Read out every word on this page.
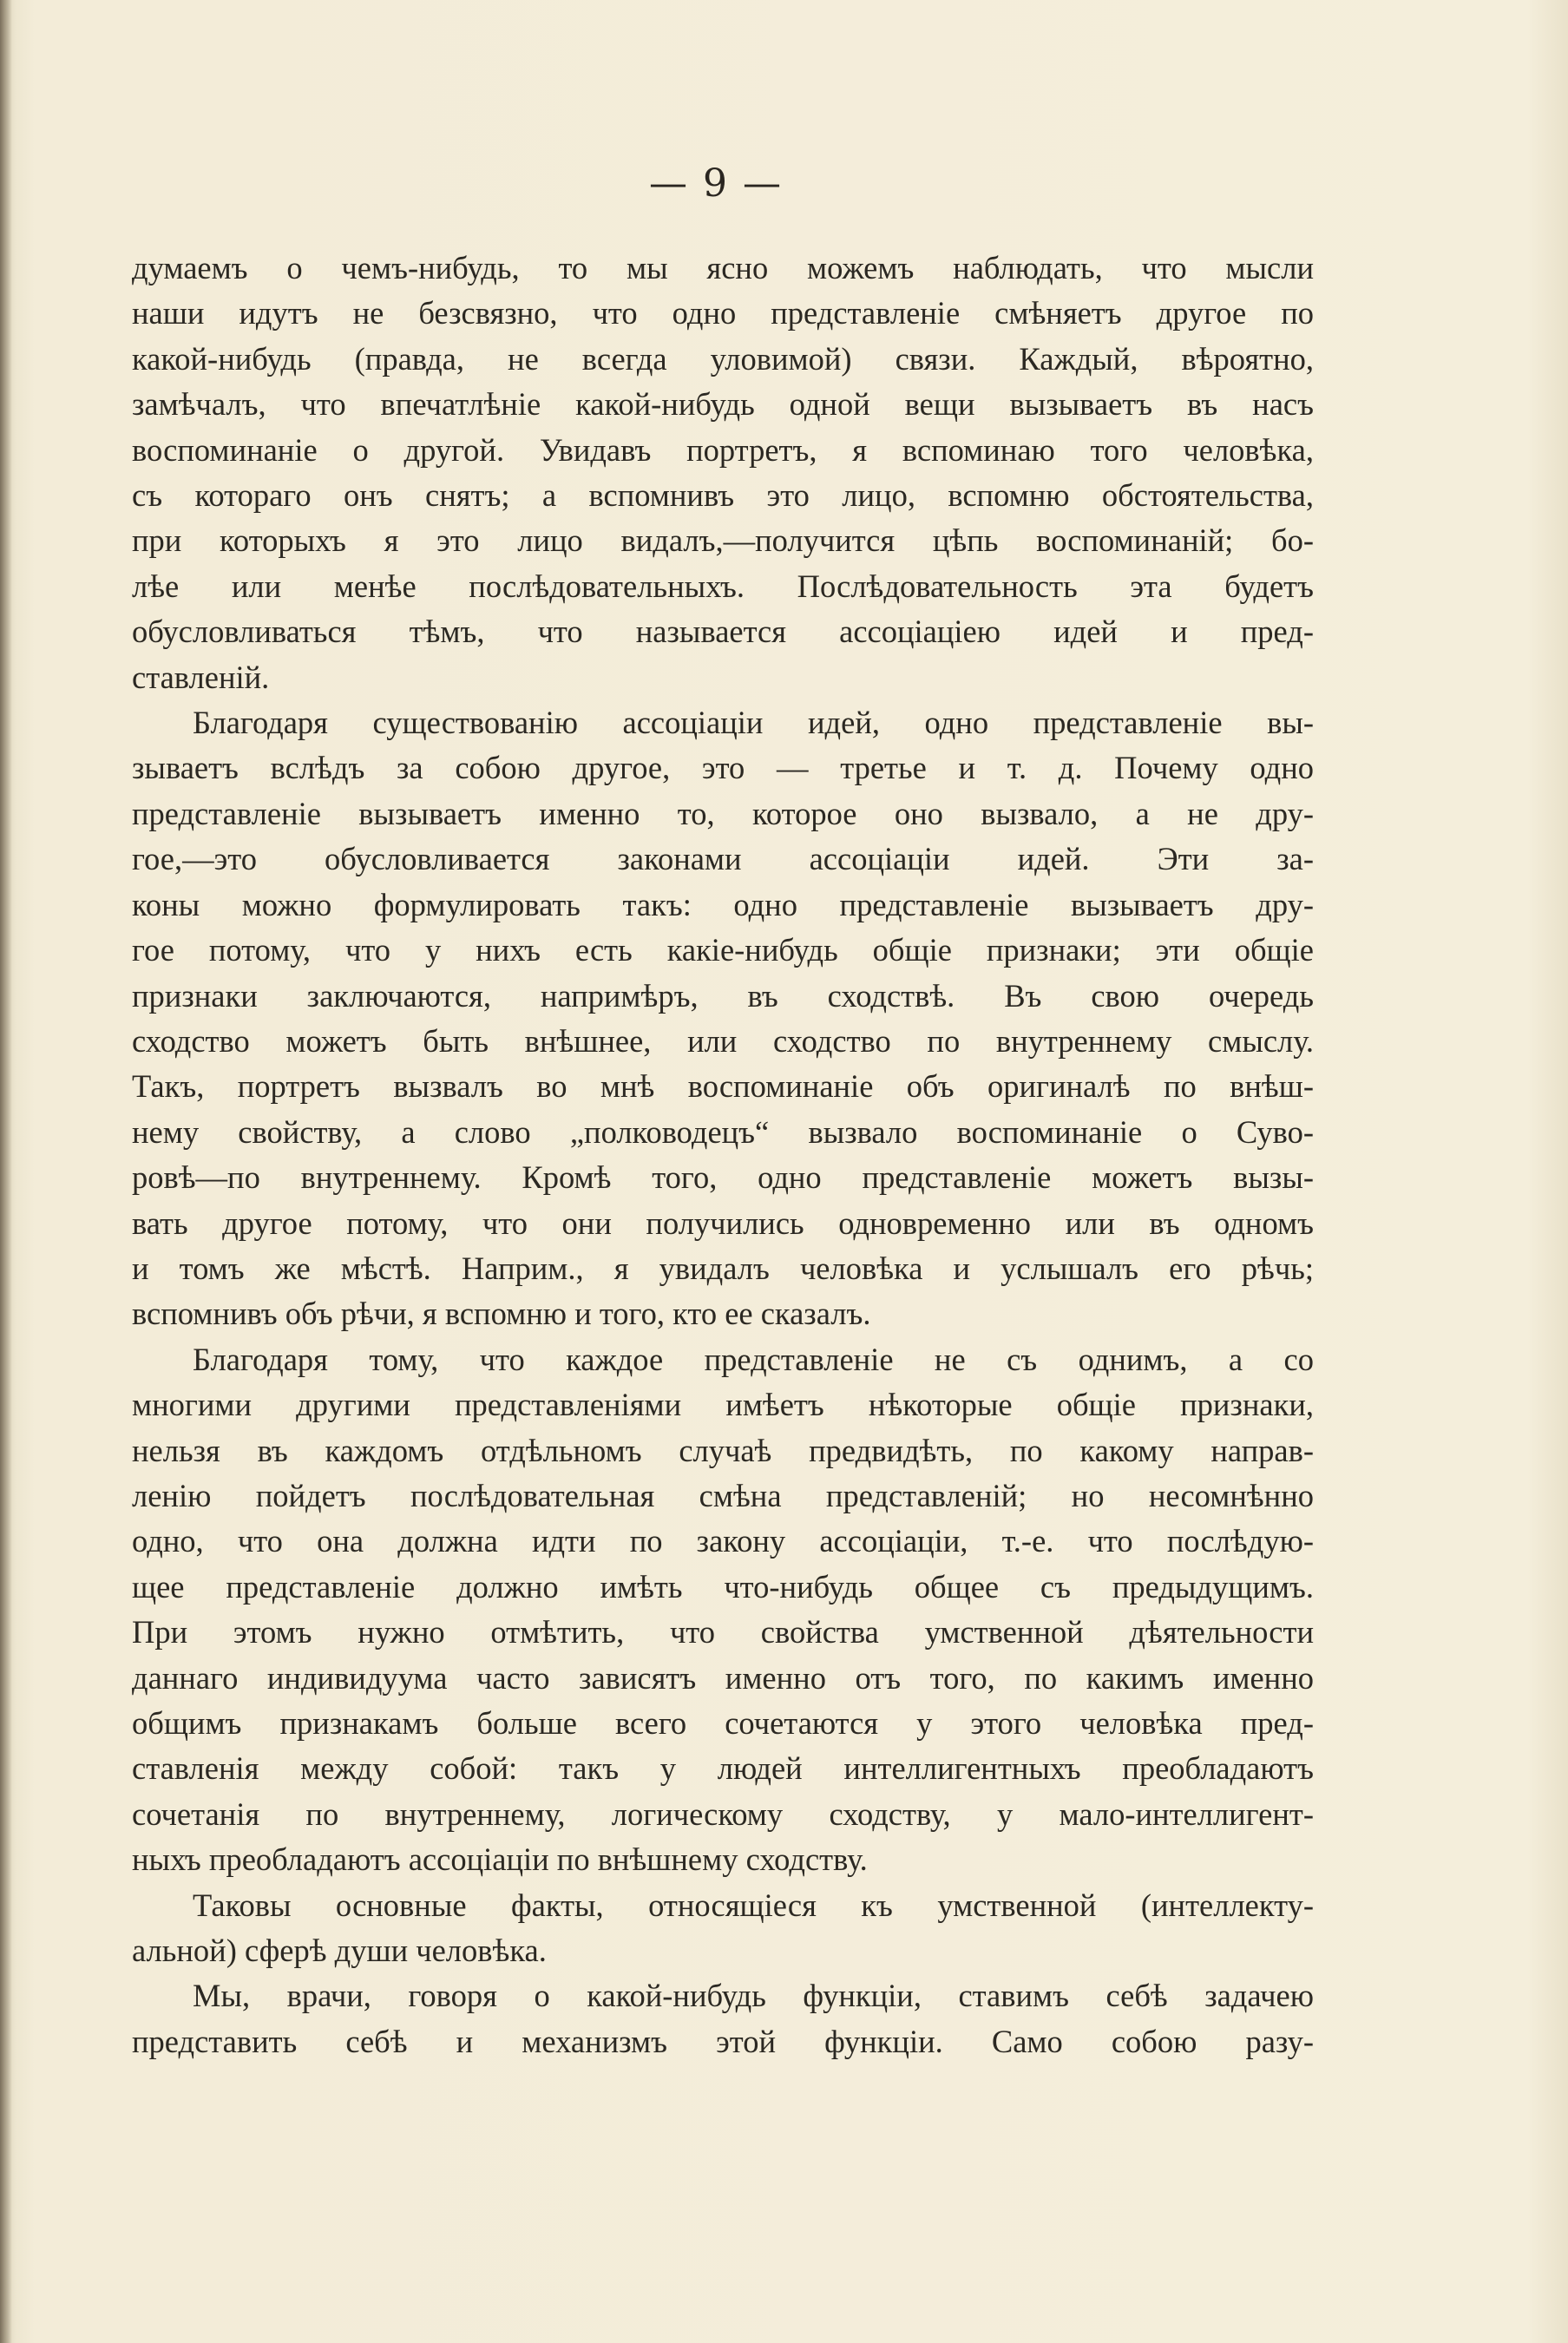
— 9 —
думаемъ о чемъ-нибудь, то мы ясно можемъ наблюдать, что мысли
наши идутъ не безсвязно, что одно представленіе смѣняетъ другое по
какой-нибудь (правда, не всегда уловимой) связи. Каждый, вѣроятно,
замѣчалъ, что впечатлѣніе какой-нибудь одной вещи вызываетъ въ насъ
воспоминаніе о другой. Увидавъ портретъ, я вспоминаю того человѣка,
съ котораго онъ снятъ; а вспомнивъ это лицо, вспомню обстоятельства,
при которыхъ я это лицо видалъ,—получится цѣпь воспоминаній; бо-
лѣе или менѣе послѣдовательныхъ. Послѣдовательность эта будетъ
обусловливаться тѣмъ, что называется ассоціаціею идей и пред-
ставленій.
Благодаря существованію ассоціаціи идей, одно представленіе вы-
зываетъ вслѣдъ за собою другое, это — третье и т. д. Почему одно
представленіе вызываетъ именно то, которое оно вызвало, а не дру-
гое,—это обусловливается законами ассоціаціи идей. Эти за-
коны можно формулировать такъ: одно представленіе вызываетъ дру-
гое потому, что у нихъ есть какіе-нибудь общіе признаки; эти общіе
признаки заключаются, напримѣръ, въ сходствѣ. Въ свою очередь
сходство можетъ быть внѣшнее, или сходство по внутреннему смыслу.
Такъ, портретъ вызвалъ во мнѣ воспоминаніе объ оригиналѣ по внѣш-
нему свойству, а слово „полководецъ“ вызвало воспоминаніе о Суво-
ровѣ—по внутреннему. Кромѣ того, одно представленіе можетъ вызы-
вать другое потому, что они получились одновременно или въ одномъ
и томъ же мѣстѣ. Наприм., я увидалъ человѣка и услышалъ его рѣчь;
вспомнивъ объ рѣчи, я вспомню и того, кто ее сказалъ.
Благодаря тому, что каждое представленіе не съ однимъ, а со
многими другими представленіями имѣетъ нѣкоторые общіе признаки,
нельзя въ каждомъ отдѣльномъ случаѣ предвидѣть, по какому направ-
ленію пойдетъ послѣдовательная смѣна представленій; но несомнѣнно
одно, что она должна идти по закону ассоціаціи, т.-е. что послѣдую-
щее представленіе должно имѣть что-нибудь общее съ предыдущимъ.
При этомъ нужно отмѣтить, что свойства умственной дѣятельности
даннаго индивидуума часто зависятъ именно отъ того, по какимъ именно
общимъ признакамъ больше всего сочетаются у этого человѣка пред-
ставленія между собой: такъ у людей интеллигентныхъ преобладаютъ
сочетанія по внутреннему, логическому сходству, у мало-интеллигент-
ныхъ преобладаютъ ассоціаціи по внѣшнему сходству.
Таковы основные факты, относящіеся къ умственной (интеллекту-
альной) сферѣ души человѣка.
Мы, врачи, говоря о какой-нибудь функціи, ставимъ себѣ задачею
представить себѣ и механизмъ этой функціи. Само собою разу-
